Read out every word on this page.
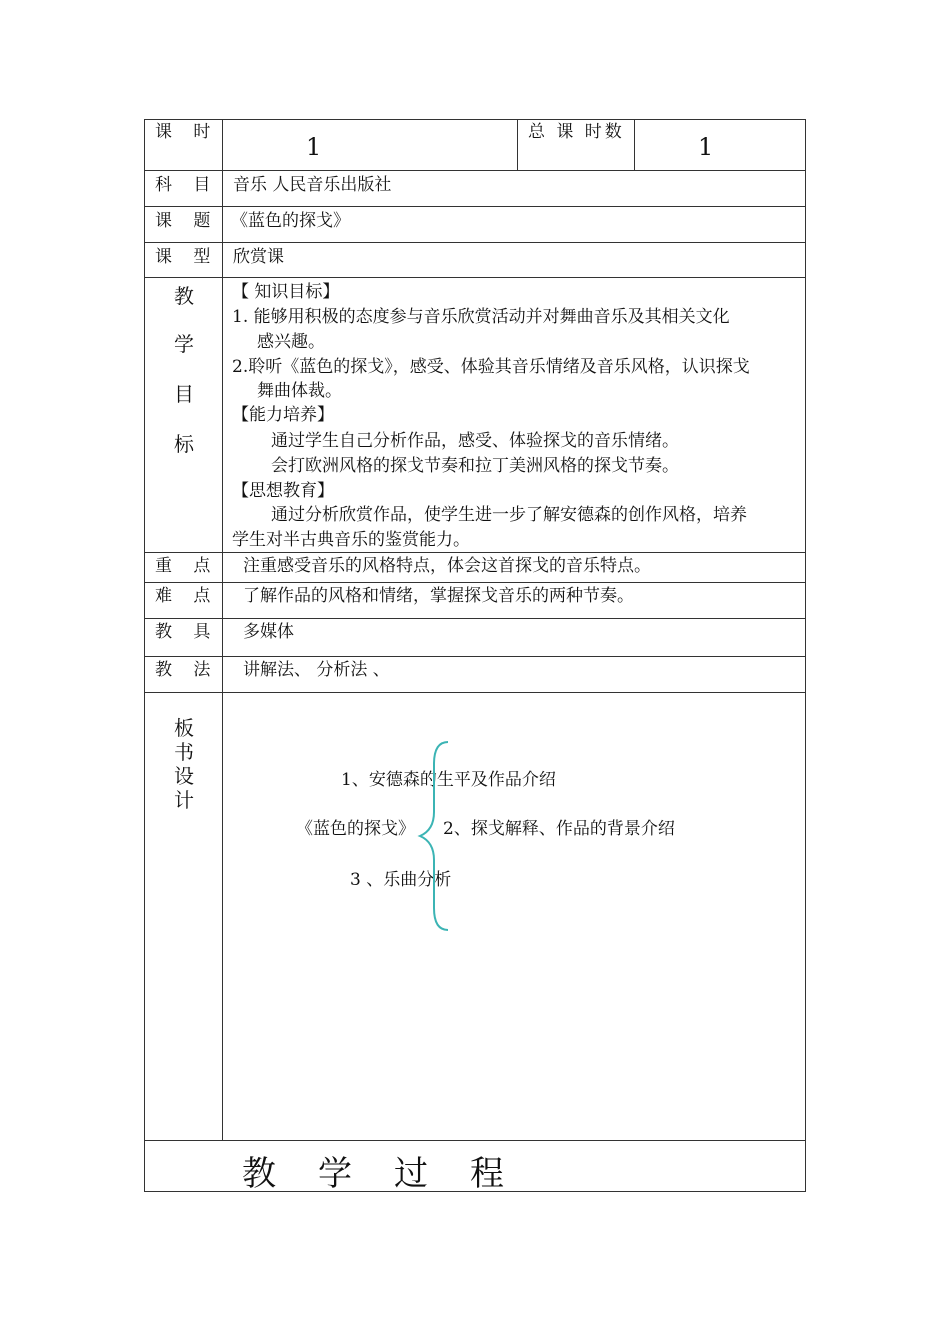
课 时
1
总 课 时数
1
科 目 音乐 人民音乐出版社
课 题 《蓝色的探戈》
课 型 欣赏课
教
学
目
标
【 知识目标】
1. 能够用积极的态度参与音乐欣赏活动并对舞曲音乐及其相关文化
感兴趣。
2.聆听《蓝色的探戈》，感受、体验其音乐情绪及音乐风格，认识探戈
舞曲体裁。
【能力培养】
通过学生自己分析作品，感受、体验探戈的音乐情绪。
会打欧洲风格的探戈节奏和拉丁美洲风格的探戈节奏。
【思想教育】
通过分析欣赏作品，使学生进一步了解安德森的创作风格，培养
学生对半古典音乐的鉴赏能力。
重 点 注重感受音乐的风格特点，体会这首探戈的音乐特点。
难 点 了解作品的风格和情绪，掌握探戈音乐的两种节奏。
教 具 多媒体
教 法 讲解法、 分析法 、
板
书
设
计
1、安德森的生平及作品介绍
《蓝色的探戈》 2、探戈解释、作品的背景介绍
3 、乐曲分析
教学过程
